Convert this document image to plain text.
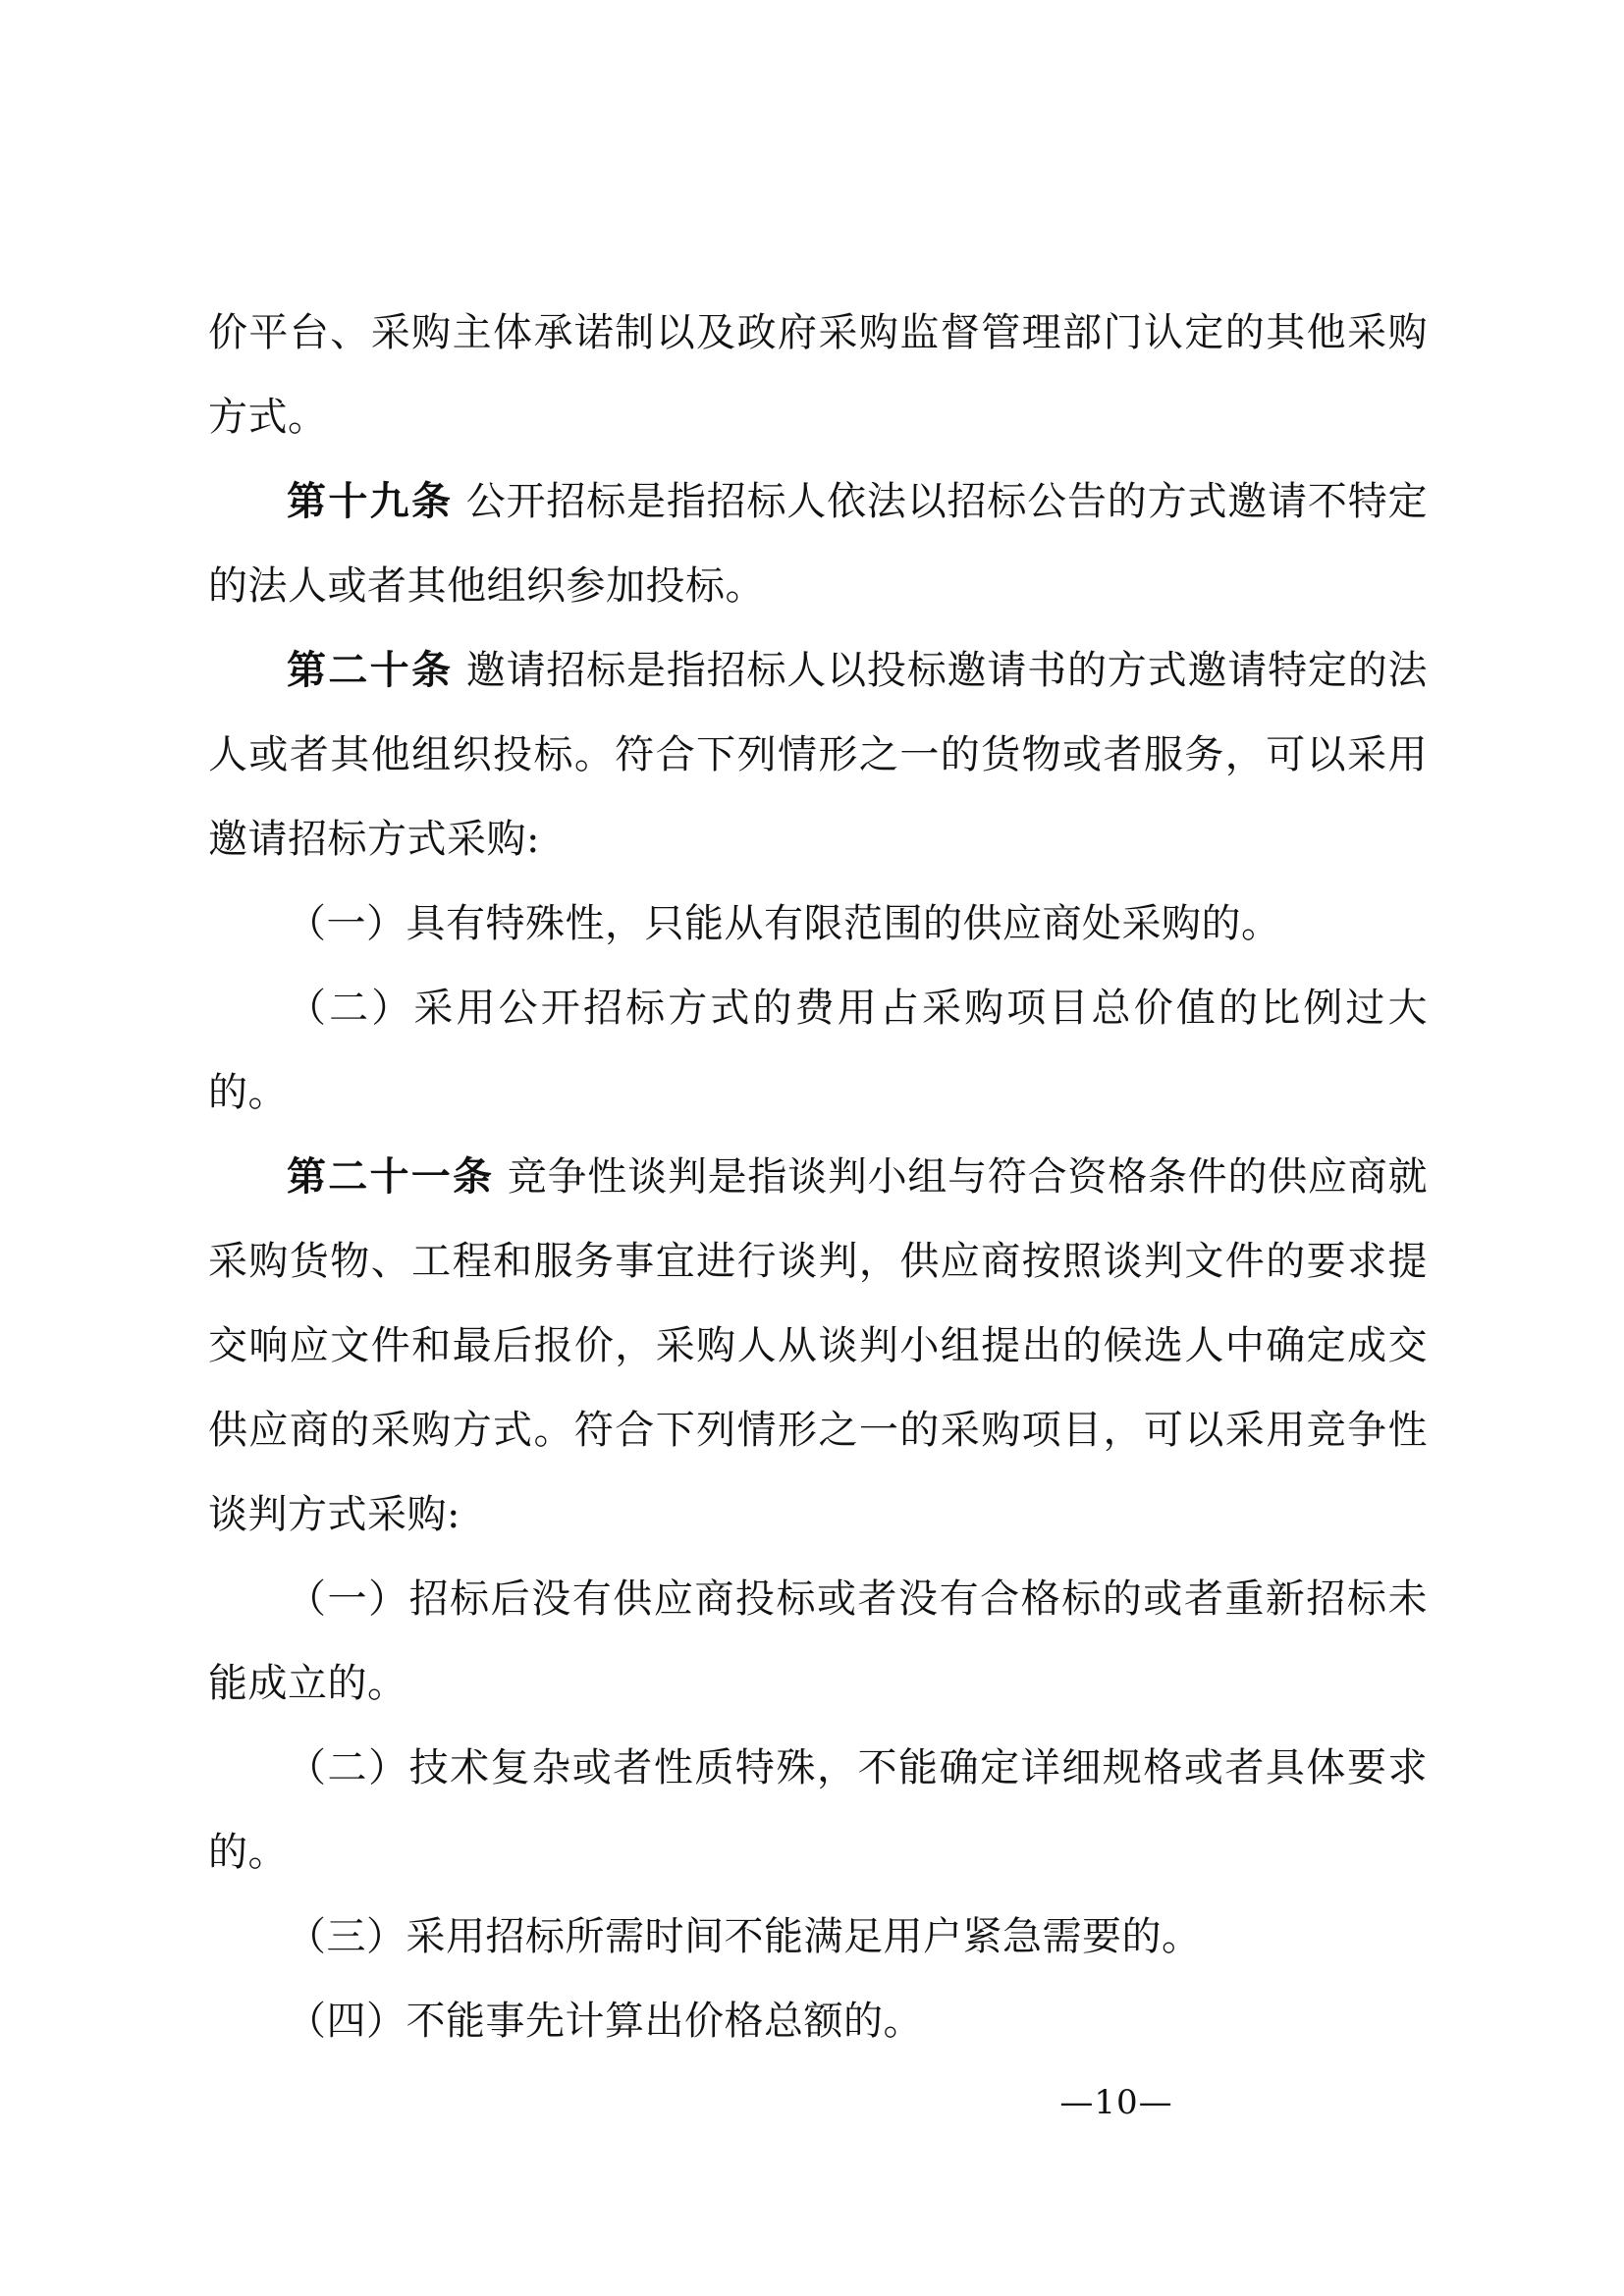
价平台、采购主体承诺制以及政府采购监督管理部门认定的其他采购方式。

第十九条 公开招标是指招标人依法以招标公告的方式邀请不特定的法人或者其他组织参加投标。

第二十条 邀请招标是指招标人以投标邀请书的方式邀请特定的法人或者其他组织投标。符合下列情形之一的货物或者服务，可以采用邀请招标方式采购:

（一）具有特殊性，只能从有限范围的供应商处采购的。

（二）采用公开招标方式的费用占采购项目总价值的比例过大的。

第二十一条 竞争性谈判是指谈判小组与符合资格条件的供应商就采购货物、工程和服务事宜进行谈判，供应商按照谈判文件的要求提交响应文件和最后报价，采购人从谈判小组提出的候选人中确定成交供应商的采购方式。符合下列情形之一的采购项目，可以采用竞争性谈判方式采购:

（一）招标后没有供应商投标或者没有合格标的或者重新招标未能成立的。

（二）技术复杂或者性质特殊，不能确定详细规格或者具体要求的。

（三）采用招标所需时间不能满足用户紧急需要的。

（四）不能事先计算出价格总额的。

—10—
